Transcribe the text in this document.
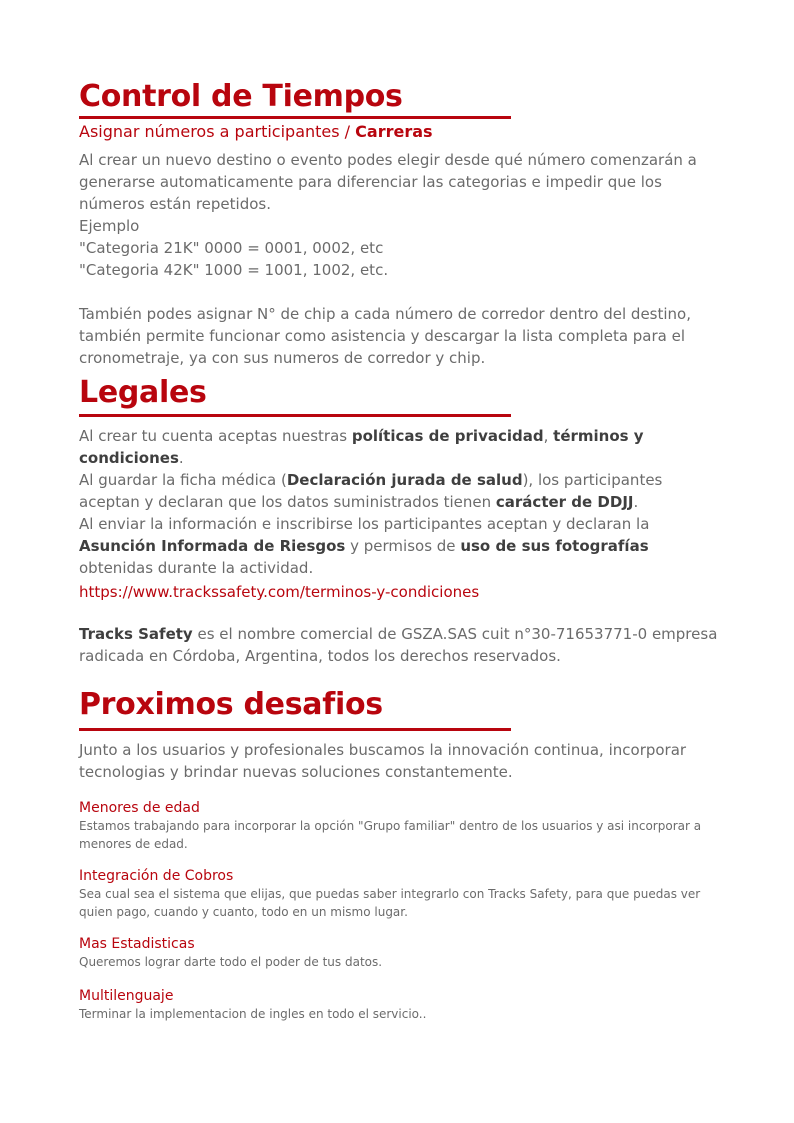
Control de Tiempos

Asignar números a participantes / Carreras

Al crear un nuevo destino o evento podes elegir desde qué número comenzarán a generarse automaticamente para diferenciar las categorias e impedir que los números están repetidos.

Ejemplo

"Categoria 21K" 0000 = 0001, 0002, etc

"Categoria 42K" 1000 = 1001, 1002, etc.

También podes asignar N° de chip a cada número de corredor dentro del destino, también permite funcionar como asistencia y descargar la lista completa para el cronometraje, ya con sus numeros de corredor y chip.

Legales

Al crear tu cuenta aceptas nuestras políticas de privacidad, términos y condiciones.

Al guardar la ficha médica (Declaración jurada de salud), los participantes aceptan y declaran que los datos suministrados tienen carácter de DDJJ.

Al enviar la información e inscribirse los participantes aceptan y declaran la Asunción Informada de Riesgos y permisos de uso de sus fotografías obtenidas durante la actividad.

https://www.trackssafety.com/terminos-y-condiciones

Tracks Safety es el nombre comercial de GSZA.SAS cuit n°30-71653771-0 empresa radicada en Córdoba, Argentina, todos los derechos reservados.

Proximos desafios

Junto a los usuarios y profesionales buscamos la innovación continua, incorporar tecnologias y brindar nuevas soluciones constantemente.

Menores de edad

Estamos trabajando para incorporar la opción "Grupo familiar" dentro de los usuarios y asi incorporar a menores de edad.

Integración de Cobros

Sea cual sea el sistema que elijas, que puedas saber integrarlo con Tracks Safety, para que puedas ver quien pago, cuando y cuanto, todo en un mismo lugar.

Mas Estadisticas

Queremos lograr darte todo el poder de tus datos.

Multilenguaje

Terminar la implementacion de ingles en todo el servicio..
